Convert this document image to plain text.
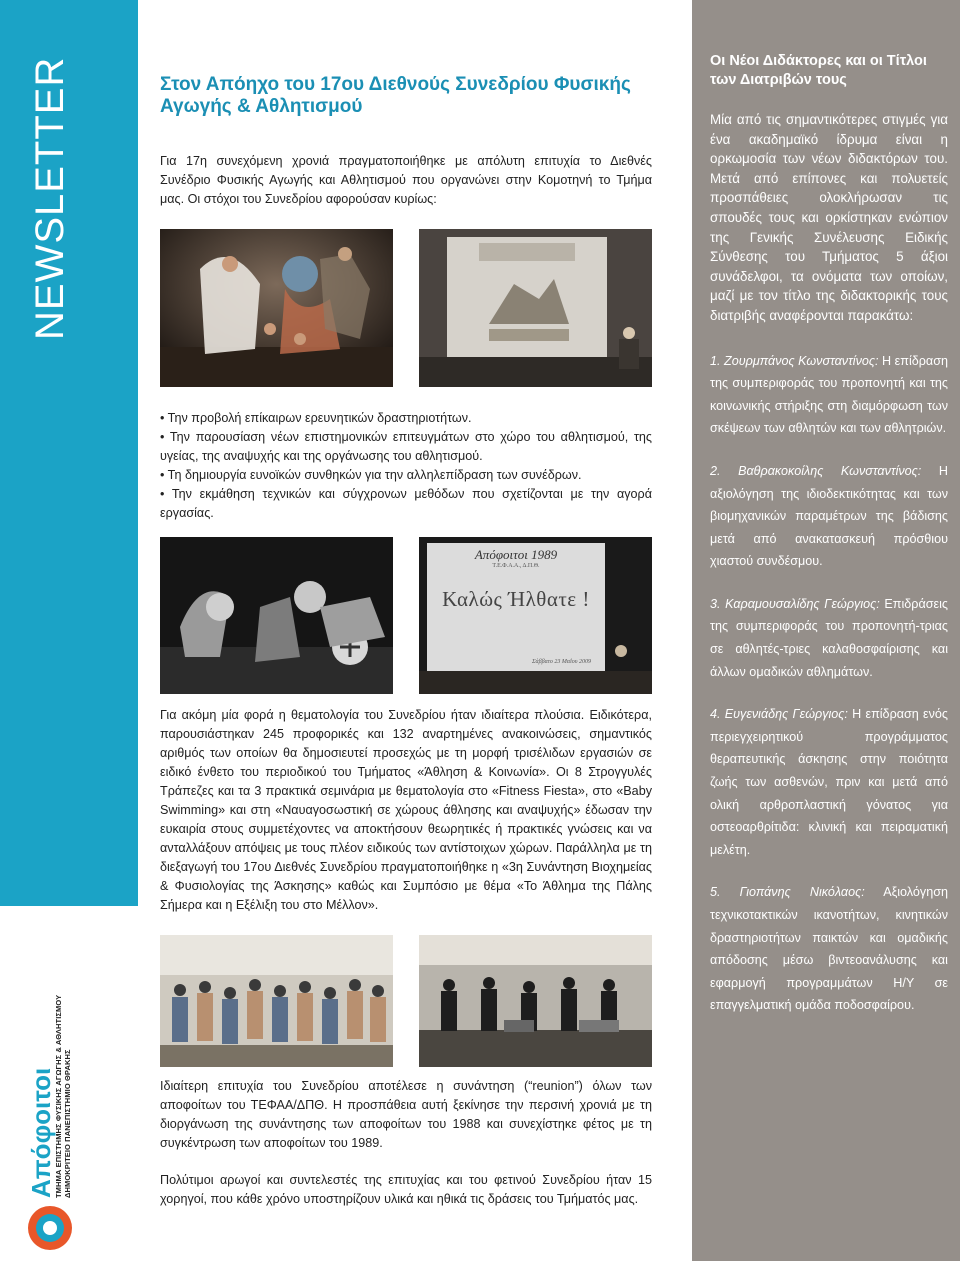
NEWSLETTER
Απόφοιτοι
ΤΜΗΜΑ ΕΠΙΣΤΗΜΗΣ ΦΥΣΙΚΗΣ ΑΓΩΓΗΣ & ΑΘΛΗΤΙΣΜΟΥ ΔΗΜΟΚΡΙΤΕΙΟ ΠΑΝΕΠΙΣΤΗΜΙΟ ΘΡΑΚΗΣ
Στον Απόηχο του 17ου Διεθνούς Συνεδρίου Φυσικής Αγωγής & Αθλητισμού

Για 17η συνεχόμενη χρονιά πραγματοποιήθηκε με απόλυτη επιτυχία το Διεθνές Συνέδριο Φυσικής Αγωγής και Αθλητισμού που οργανώνει στην Κομοτηνή το Τμήμα μας. Οι στόχοι του Συνεδρίου αφορούσαν κυρίως:

• Την προβολή επίκαιρων ερευνητικών δραστηριοτήτων.
• Την παρουσίαση νέων επιστημονικών επιτευγμάτων στο χώρο του αθλητισμού, της υγείας, της αναψυχής και της οργάνωσης του αθλητισμού.
• Τη δημιουργία ευνοϊκών συνθηκών για την αλληλεπίδραση των συνέδρων.
• Την εκμάθηση τεχνικών και σύγχρονων μεθόδων που σχετίζονται με την αγορά εργασίας.
Απόφοιτοι 1989
Τ.Ε.Φ.Α.Α., Δ.Π.Θ.
Καλώς Ήλθατε !
Σάββατο 23 Μαΐου 2009

Για ακόμη μία φορά η θεματολογία του Συνεδρίου ήταν ιδιαίτερα πλούσια. Ειδικότερα, παρουσιάστηκαν 245 προφορικές και 132 αναρτημένες ανακοινώσεις, σημαντικός αριθμός των οποίων θα δημοσιευτεί προσεχώς με τη μορφή τρισέλιδων εργασιών σε ειδικό ένθετο του περιοδικού του Τμήματος «Άθληση & Κοινωνία». Οι 8 Στρογγυλές Τράπεζες και τα 3 πρακτικά σεμινάρια με θεματολογία στο «Fitness Fiesta», στο «Baby Swimming» και στη «Ναυαγοσωστική σε χώρους άθλησης και αναψυχής» έδωσαν την ευκαιρία στους συμμετέχοντες να αποκτήσουν θεωρητικές ή πρακτικές γνώσεις και να ανταλλάξουν απόψεις με τους πλέον ειδικούς των αντίστοιχων χώρων. Παράλληλα με τη διεξαγωγή του 17ου Διεθνές Συνεδρίου πραγματοποιήθηκε η «3η Συνάντηση Βιοχημείας & Φυσιολογίας της Άσκησης» καθώς και Συμπόσιο με θέμα «Το Άθλημα της Πάλης Σήμερα και η Εξέλιξη του στο Μέλλον».

Ιδιαίτερη επιτυχία του Συνεδρίου αποτέλεσε η συνάντηση (“reunion”) όλων των αποφοίτων του ΤΕΦΑΑ/ΔΠΘ. Η προσπάθεια αυτή ξεκίνησε την περσινή χρονιά με τη διοργάνωση της συνάντησης των αποφοίτων του 1988 και συνεχίστηκε φέτος με τη συγκέντρωση των αποφοίτων του 1989.

Πολύτιμοι αρωγοί και συντελεστές της επιτυχίας και του φετινού Συνεδρίου ήταν 15 χορηγοί, που κάθε χρόνο υποστηρίζουν υλικά και ηθικά τις δράσεις του Τμήματός μας.

Οι Νέοι Διδάκτορες και οι Τίτλοι των Διατριβών τους

Μία από τις σημαντικότερες στιγμές για ένα ακαδημαϊκό ίδρυμα είναι η ορκωμοσία των νέων διδακτόρων του. Μετά από επίπονες και πολυετείς προσπάθειες ολοκλήρωσαν τις σπουδές τους και ορκίστηκαν ενώπιον της Γενικής Συνέλευσης Ειδικής Σύνθεσης του Τμήματος 5 άξιοι συνάδελφοι, τα ονόματα των οποίων, μαζί με τον τίτλο της διδακτορικής τους διατριβής αναφέρονται παρακάτω:

1. Ζουρμπάνος Κωνσταντίνος: Η επίδραση της συμπεριφοράς του προπονητή και της κοινωνικής στήριξης στη διαμόρφωση των σκέψεων των αθλητών και των αθλητριών.

2. Βαθρακοκοίλης Κωνσταντίνος: Η αξιολόγηση της ιδιοδεκτικότητας και των βιομηχανικών παραμέτρων της βάδισης μετά από ανακατασκευή πρόσθιου χιαστού συνδέσμου.

3. Καραμουσαλίδης Γεώργιος: Επιδράσεις της συμπεριφοράς του προπονητή-τριας σε αθλητές-τριες καλαθοσφαίρισης και άλλων ομαδικών αθλημάτων.

4. Ευγενιάδης Γεώργιος: Η επίδραση ενός περιεγχειρητικού προγράμματος θεραπευτικής άσκησης στην ποιότητα ζωής των ασθενών, πριν και μετά από ολική αρθροπλαστική γόνατος για οστεοαρθρίτιδα: κλινική και πειραματική μελέτη.

5. Γιοπάνης Νικόλαος: Αξιολόγηση τεχνικοτακτικών ικανοτήτων, κινητικών δραστηριοτήτων παικτών και ομαδικής απόδοσης μέσω βιντεοανάλυσης και εφαρμογή προγραμμάτων Η/Υ σε επαγγελματική ομάδα ποδοσφαίρου.
